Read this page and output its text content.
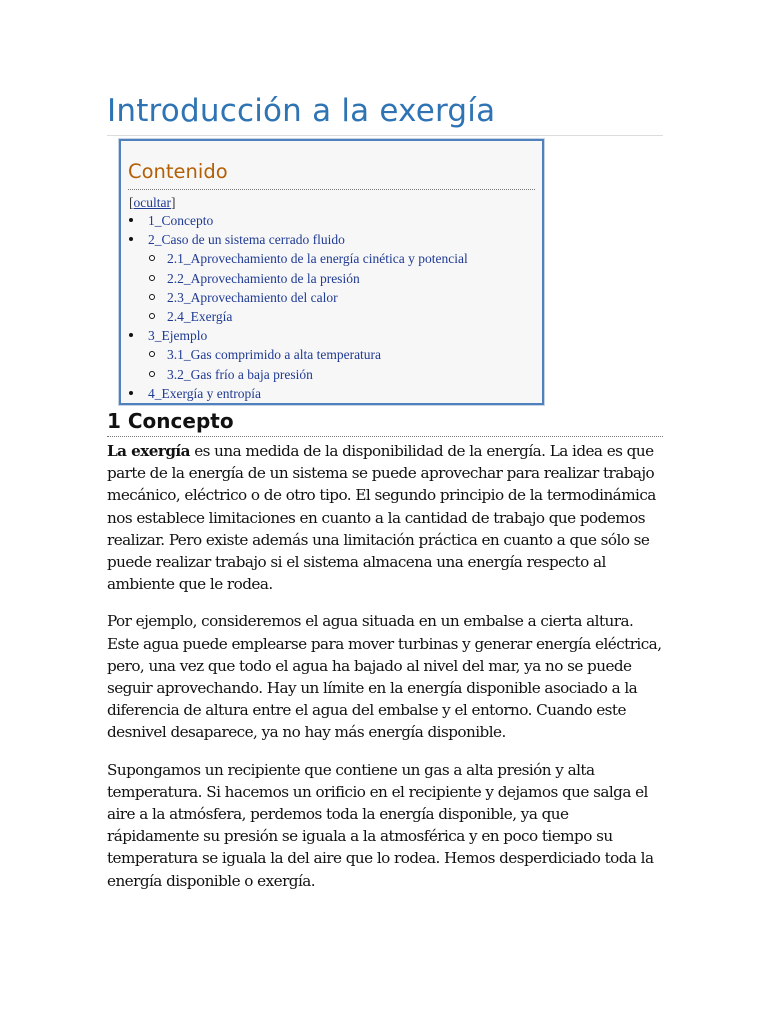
Introducción a la exergía
Contenido
[ocultar]
1_Concepto
2_Caso de un sistema cerrado fluido
2.1_Aprovechamiento de la energía cinética y potencial
2.2_Aprovechamiento de la presión
2.3_Aprovechamiento del calor
2.4_Exergía
3_Ejemplo
3.1_Gas comprimido a alta temperatura
3.2_Gas frío a baja presión
4_Exergía y entropía
1 Concepto

La exergía es una medida de la disponibilidad de la energía. La idea es que parte de la energía de un sistema se puede aprovechar para realizar trabajo mecánico, eléctrico o de otro tipo. El segundo principio de la termodinámica nos establece limitaciones en cuanto a la cantidad de trabajo que podemos realizar. Pero existe además una limitación práctica en cuanto a que sólo se puede realizar trabajo si el sistema almacena una energía respecto al ambiente que le rodea.

Por ejemplo, consideremos el agua situada en un embalse a cierta altura. Este agua puede emplearse para mover turbinas y generar energía eléctrica, pero, una vez que todo el agua ha bajado al nivel del mar, ya no se puede seguir aprovechando. Hay un límite en la energía disponible asociado a la diferencia de altura entre el agua del embalse y el entorno. Cuando este desnivel desaparece, ya no hay más energía disponible.

Supongamos un recipiente que contiene un gas a alta presión y alta temperatura. Si hacemos un orificio en el recipiente y dejamos que salga el aire a la atmósfera, perdemos toda la energía disponible, ya que rápidamente su presión se iguala a la atmosférica y en poco tiempo su temperatura se iguala la del aire que lo rodea. Hemos desperdiciado toda la energía disponible o exergía.
